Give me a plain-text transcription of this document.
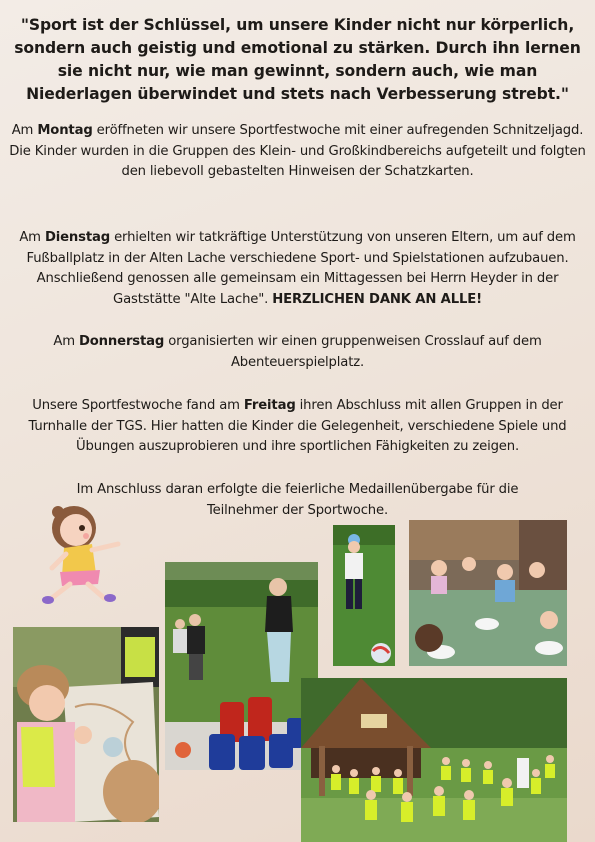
"Sport ist der Schlüssel, um unsere Kinder nicht nur körperlich, sondern auch geistig und emotional zu stärken. Durch ihn lernen sie nicht nur, wie man gewinnt, sondern auch, wie man Niederlagen überwindet und stets nach Verbesserung strebt."
Am Montag eröffneten wir unsere Sportfestwoche mit einer aufregenden Schnitzeljagd. Die Kinder wurden in die Gruppen des Klein- und Großkindbereichs aufgeteilt und folgten den liebevoll gebastelten Hinweisen der Schatzkarten.
Am Dienstag erhielten wir tatkräftige Unterstützung von unseren Eltern, um auf dem Fußballplatz in der Alten Lache verschiedene Sport- und Spielstationen aufzubauen. Anschließend genossen alle gemeinsam ein Mittagessen bei Herrn Heyder in der Gaststätte "Alte Lache". HERZLICHEN DANK AN ALLE!
Am Donnerstag organisierten wir einen gruppenweisen Crosslauf auf dem Abenteuerspielplatz.
Unsere Sportfestwoche fand am Freitag ihren Abschluss mit allen Gruppen in der Turnhalle der TGS. Hier hatten die Kinder die Gelegenheit, verschiedene Spiele und Übungen auszuprobieren und ihre sportlichen Fähigkeiten zu zeigen.
Im Anschluss daran erfolgte die feierliche Medaillenübergabe für die Teilnehmer der Sportwoche.
